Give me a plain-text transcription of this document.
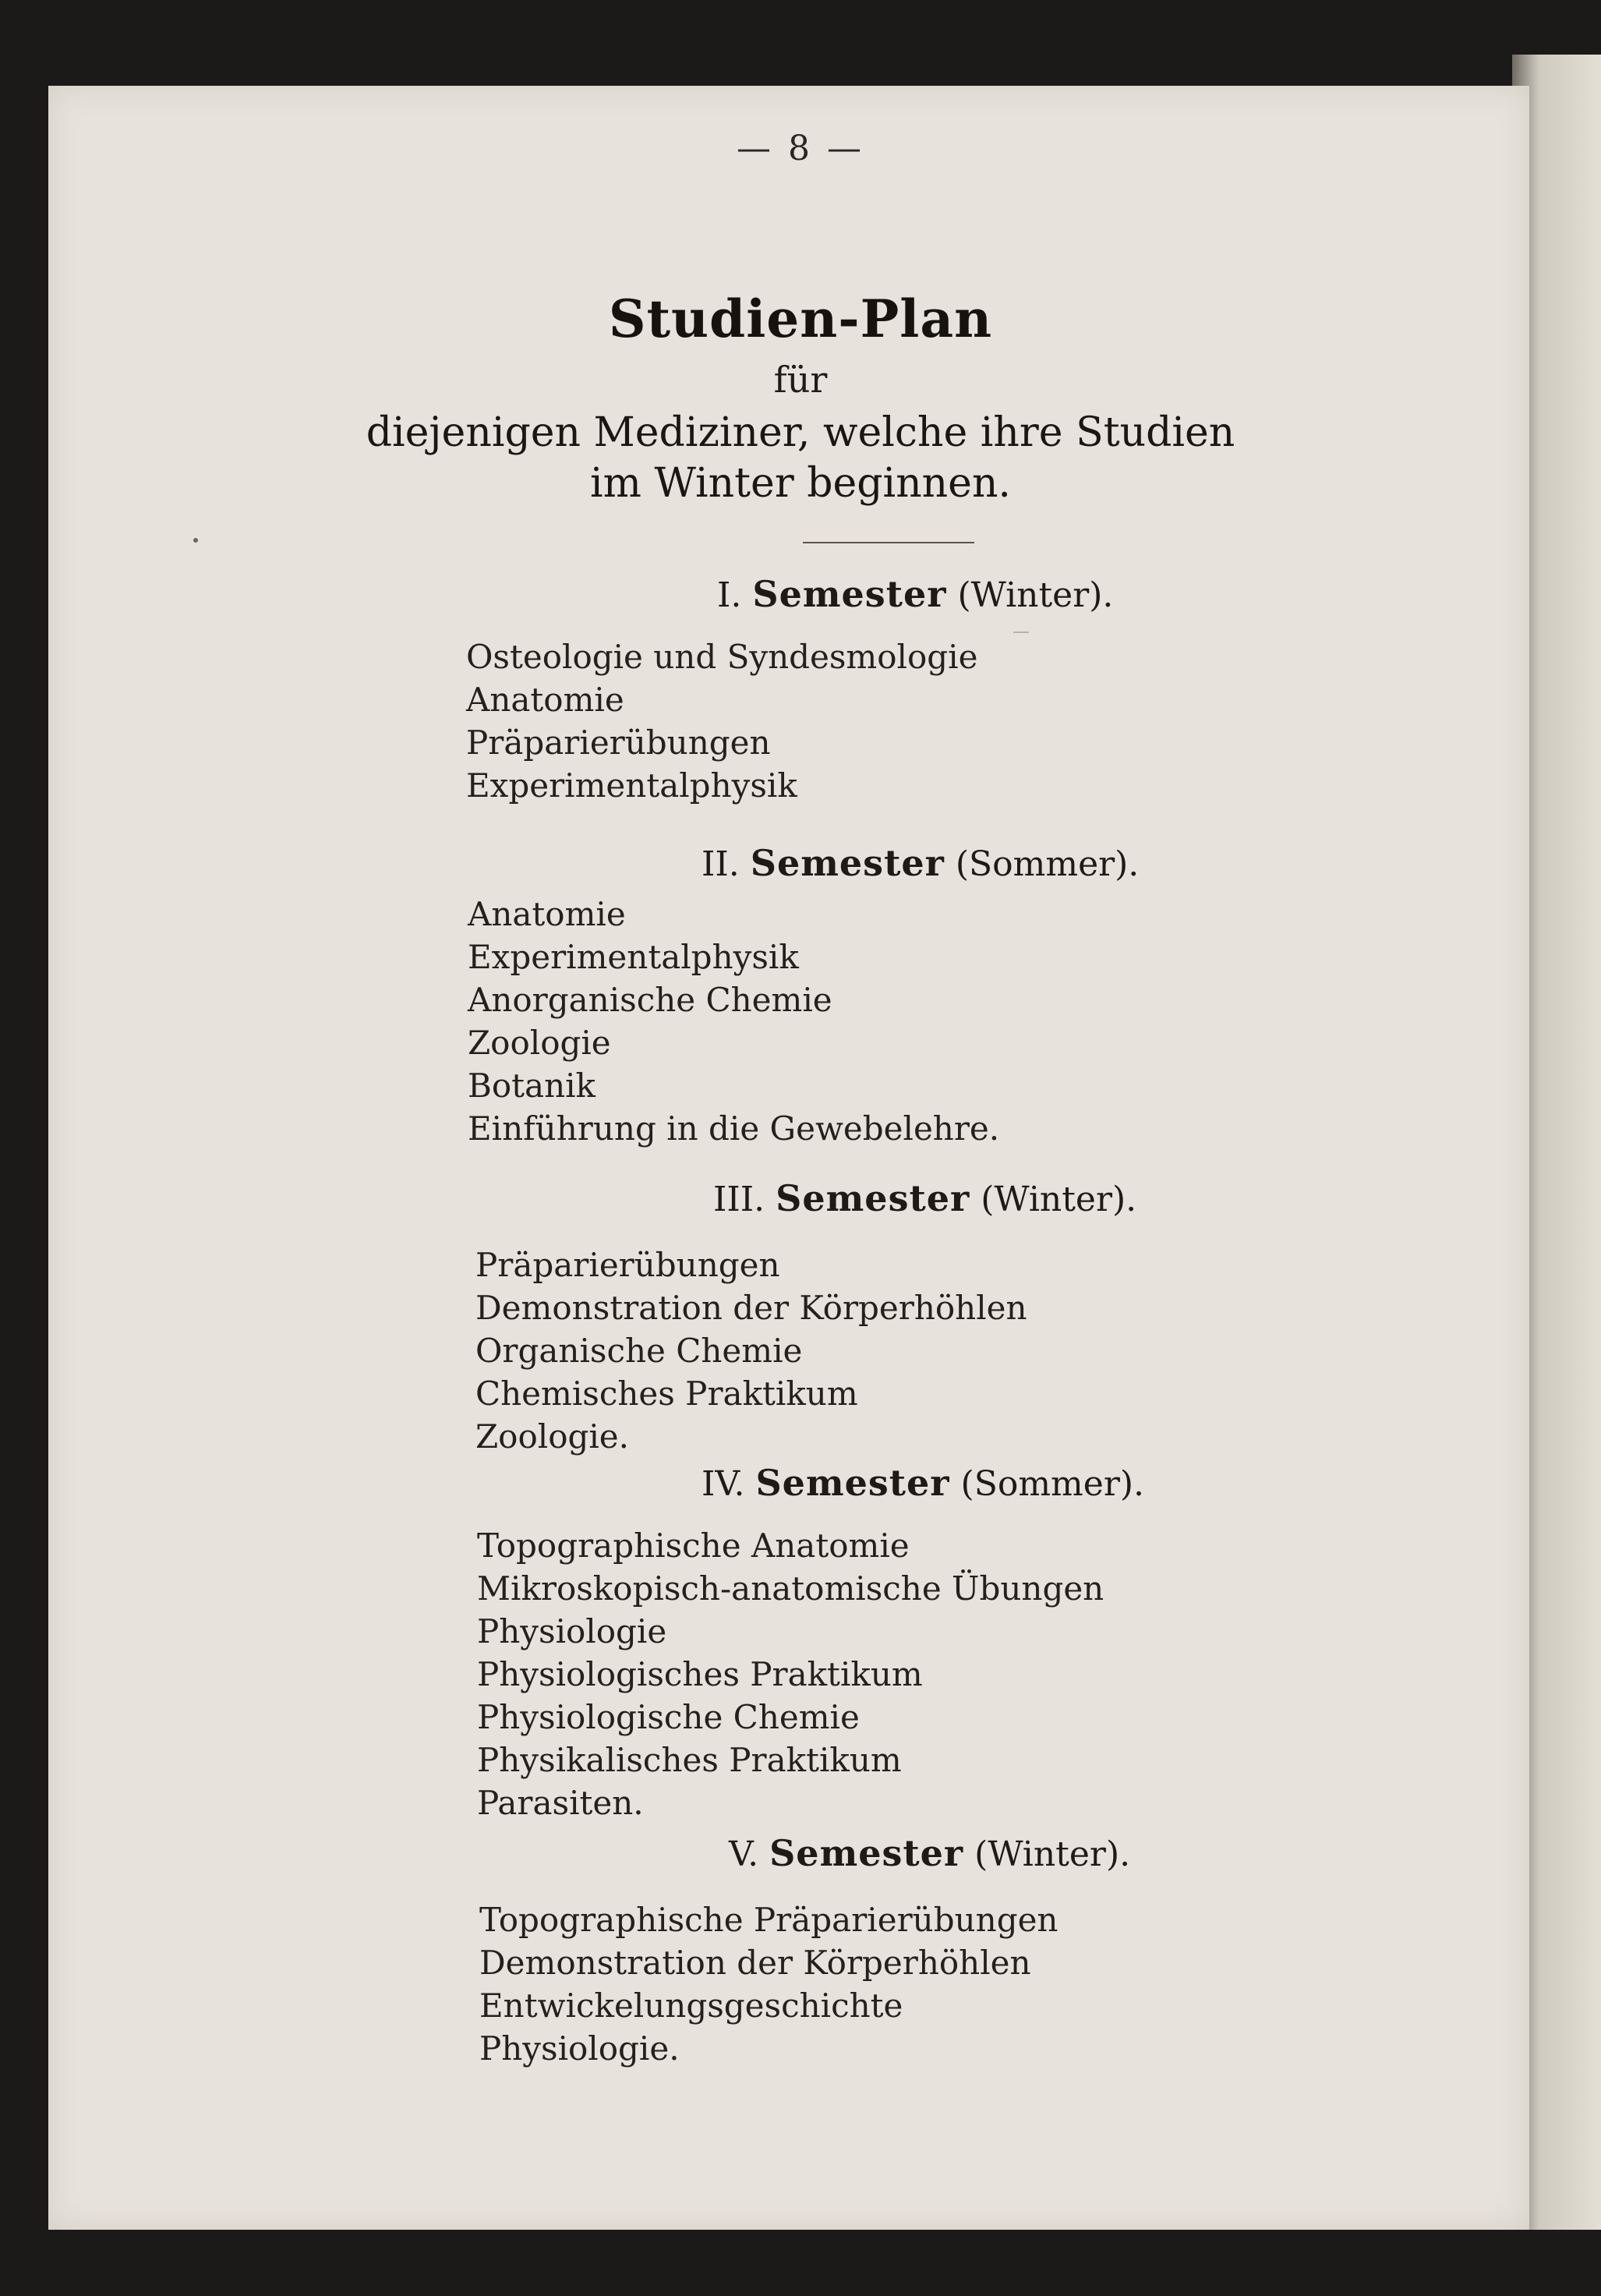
— 8 —
Studien-Plan
für
diejenigen Mediziner, welche ihre Studien
im Winter beginnen.
I. Semester (Winter).
Osteologie und Syndesmologie
Anatomie
Präparierübungen
Experimentalphysik
II. Semester (Sommer).
Anatomie
Experimentalphysik
Anorganische Chemie
Zoologie
Botanik
Einführung in die Gewebelehre.
III. Semester (Winter).
Präparierübungen
Demonstration der Körperhöhlen
Organische Chemie
Chemisches Praktikum
Zoologie.
IV. Semester (Sommer).
Topographische Anatomie
Mikroskopisch-anatomische Übungen
Physiologie
Physiologisches Praktikum
Physiologische Chemie
Physikalisches Praktikum
Parasiten.
V. Semester (Winter).
Topographische Präparierübungen
Demonstration der Körperhöhlen
Entwickelungsgeschichte
Physiologie.
